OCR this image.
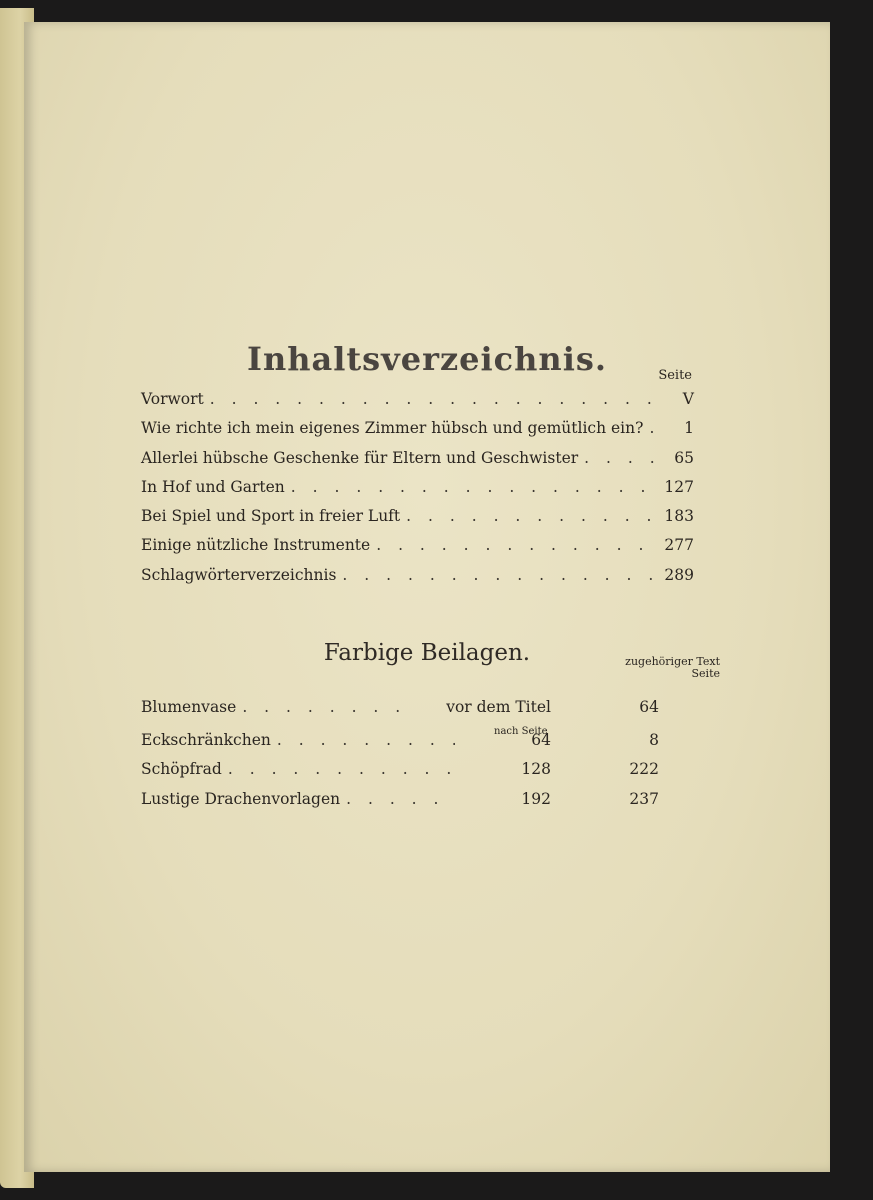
Inhaltsverzeichnis.	Seite
Vorwort . . .	V
Wie richte ich mein eigenes Zimmer hübsch und gemütlich ein? . . .	1
Allerlei hübsche Geschenke für Eltern und Geschwister . . .	65
In Hof und Garten . . .	127
Bei Spiel und Sport in freier Luft . . .	183
Einige nützliche Instrumente . . .	277
Schlagwörterverzeichnis . . .	289
Farbige Beilagen.	zugehöriger Text
Seite
nach Seite
Blumenvase . . .	vor dem Titel	64
Eckschränkchen . . .	64	8
Schöpfrad . . .	128	222
Lustige Drachenvorlagen . . .	192	237
